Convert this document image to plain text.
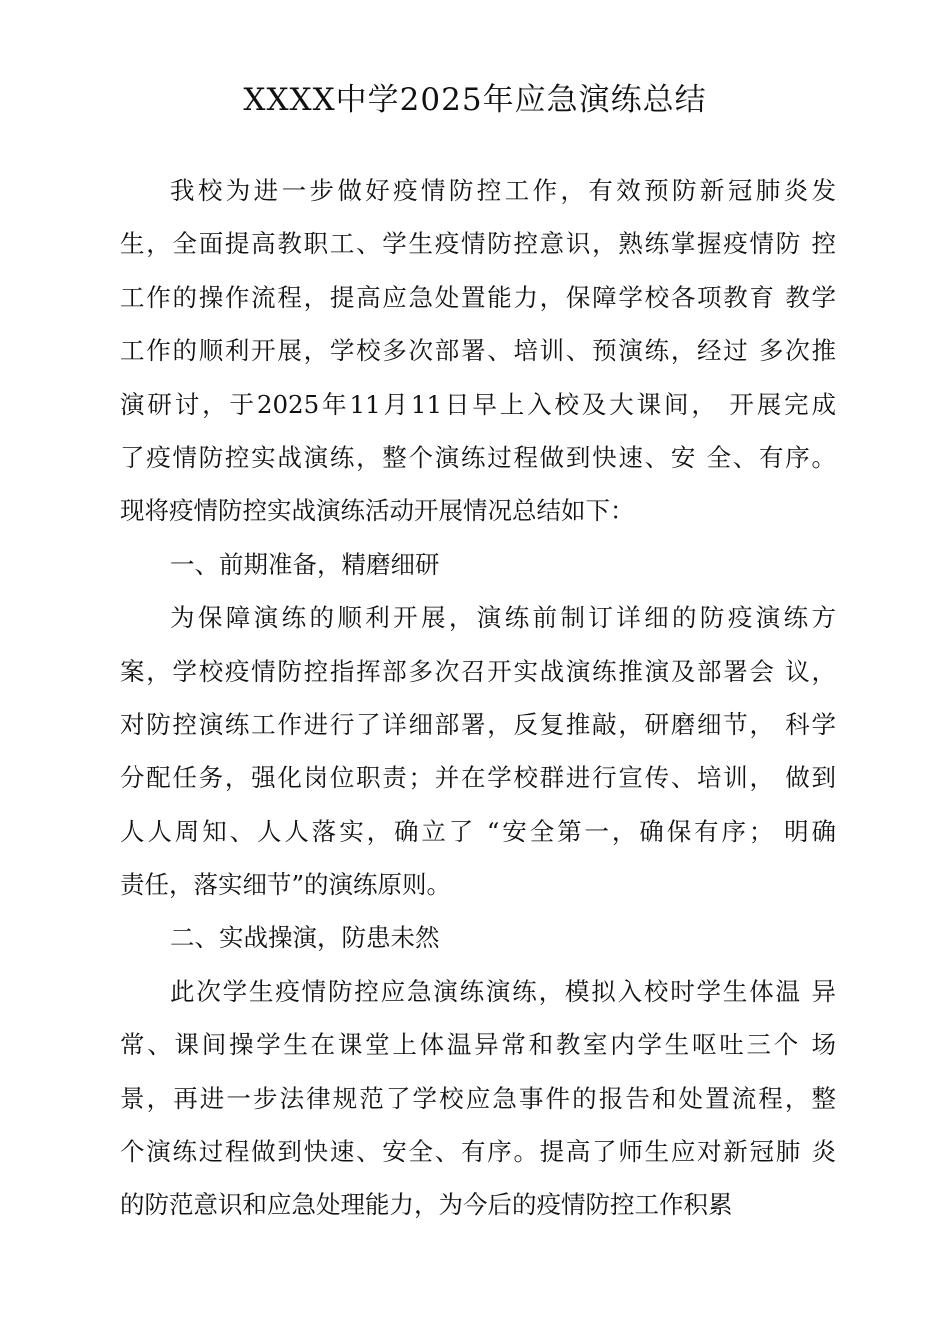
XXXX中学2025年应急演练总结
我校为进一步做好疫情防控工作，有效预防新冠肺炎发
生，全面提高教职工、学生疫情防控意识，熟练掌握疫情防 控
工作的操作流程，提高应急处置能力，保障学校各项教育 教学
工作的顺利开展，学校多次部署、培训、预演练，经过 多次推
演研讨，于2025年11月11日早上入校及大课间， 开展完成
了疫情防控实战演练，整个演练过程做到快速、安 全、有序。
现将疫情防控实战演练活动开展情况总结如下：
一、前期准备，精磨细研
为保障演练的顺利开展，演练前制订详细的防疫演练方
案，学校疫情防控指挥部多次召开实战演练推演及部署会 议，
对防控演练工作进行了详细部署，反复推敲，研磨细节， 科学
分配任务，强化岗位职责；并在学校群进行宣传、培训， 做到
人人周知、人人落实，确立了 “安全第一，确保有序； 明确
责任，落实细节”的演练原则。
二、实战操演，防患未然
此次学生疫情防控应急演练演练，模拟入校时学生体温 异
常、课间操学生在课堂上体温异常和教室内学生呕吐三个 场
景，再进一步法律规范了学校应急事件的报告和处置流程，整
个演练过程做到快速、安全、有序。提高了师生应对新冠肺 炎
的防范意识和应急处理能力，为今后的疫情防控工作积累
